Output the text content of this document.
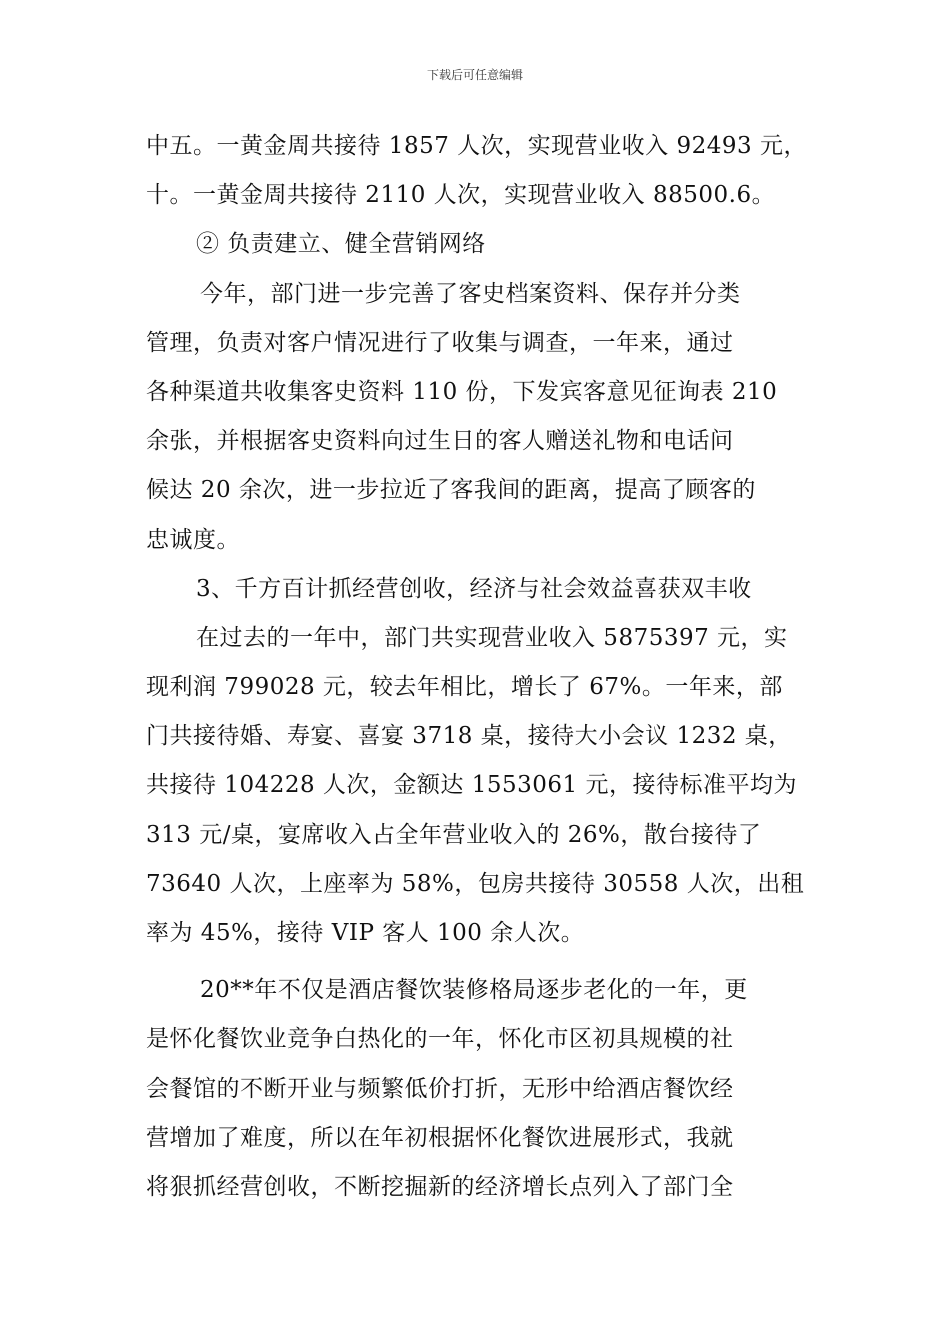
下载后可任意编辑
中五。一黄金周共接待 1857 人次，实现营业收入 92493 元，
十。一黄金周共接待 2110 人次，实现营业收入 88500.6。
② 负责建立、健全营销网络
今年，部门进一步完善了客史档案资料、保存并分类
管理，负责对客户情况进行了收集与调查，一年来，通过
各种渠道共收集客史资料 110 份，下发宾客意见征询表 210
余张，并根据客史资料向过生日的客人赠送礼物和电话问
候达 20 余次，进一步拉近了客我间的距离，提高了顾客的
忠诚度。
3、千方百计抓经营创收，经济与社会效益喜获双丰收
在过去的一年中，部门共实现营业收入 5875397 元，实
现利润 799028 元，较去年相比，增长了 67%。一年来，部
门共接待婚、寿宴、喜宴 3718 桌，接待大小会议 1232 桌，
共接待 104228 人次，金额达 1553061 元，接待标准平均为
313 元/桌，宴席收入占全年营业收入的 26%，散台接待了
73640 人次，上座率为 58%，包房共接待 30558 人次，出租
率为 45%，接待 VIP 客人 100 余人次。
20**年不仅是酒店餐饮装修格局逐步老化的一年，更
是怀化餐饮业竞争白热化的一年，怀化市区初具规模的社
会餐馆的不断开业与频繁低价打折，无形中给酒店餐饮经
营增加了难度，所以在年初根据怀化餐饮进展形式，我就
将狠抓经营创收，不断挖掘新的经济增长点列入了部门全
